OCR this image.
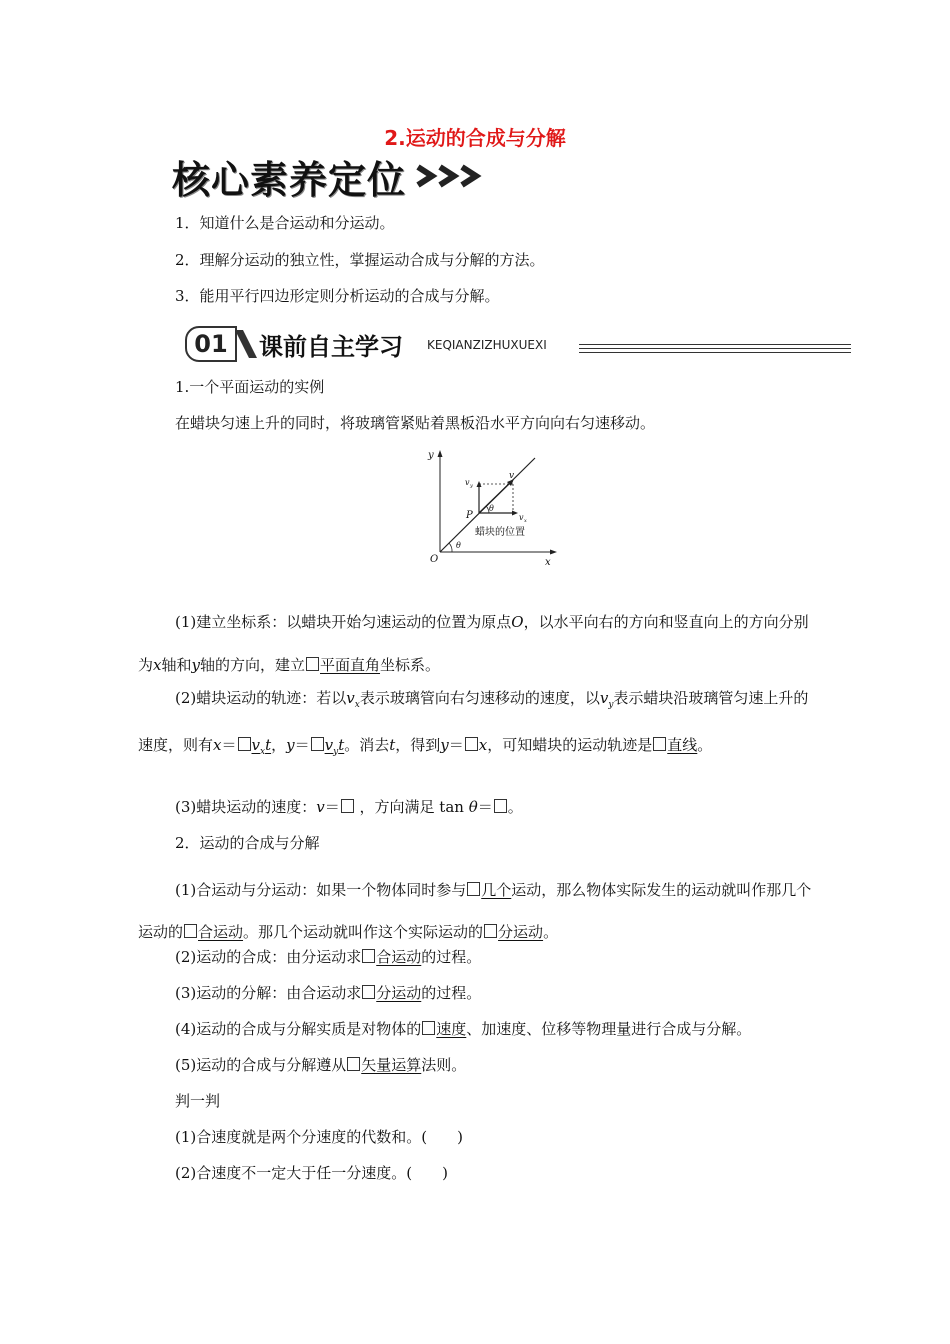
2.运动的合成与分解
核心素养定位
1．知道什么是合运动和分运动。
2．理解分运动的独立性，掌握运动合成与分解的方法。
3．能用平行四边形定则分析运动的合成与分解。
01	课前自主学习 KEQIANZIZHUXUEXI
1.一个平面运动的实例
在蜡块匀速上升的同时，将玻璃管紧贴着黑板沿水平方向向右匀速移动。
y
x
O
P
v
v y
v x
θ
θ
蜡块的位置
(1)建立坐标系：以蜡块开始匀速运动的位置为原点O，以水平向右的方向和竖直向上的方向分别为x轴和y轴的方向，建立 平面直角坐标系。
(2)蜡块运动的轨迹：若以$v_x$表示玻璃管向右匀速移动的速度，以$v_y$表示蜡块沿玻璃管匀速上升的速度，则有$x= v_xt$，$y= v_yt$。消去t，得到y＝ x，可知蜡块的运动轨迹是 直线。
(3)蜡块运动的速度：v＝ ，方向满足 tan θ＝ 。
2．运动的合成与分解
(1)合运动与分运动：如果一个物体同时参与 几个运动，那么物体实际发生的运动就叫作那几个运动的 合运动。那几个运动就叫作这个实际运动的 分运动。
(2)运动的合成：由分运动求 合运动的过程。
(3)运动的分解：由合运动求 分运动的过程。
(4)运动的合成与分解实质是对物体的 速度、加速度、位移等物理量进行合成与分解。
(5)运动的合成与分解遵从 矢量运算法则。
判一判
(1)合速度就是两个分速度的代数和。(　　)
(2)合速度不一定大于任一分速度。(　　)
